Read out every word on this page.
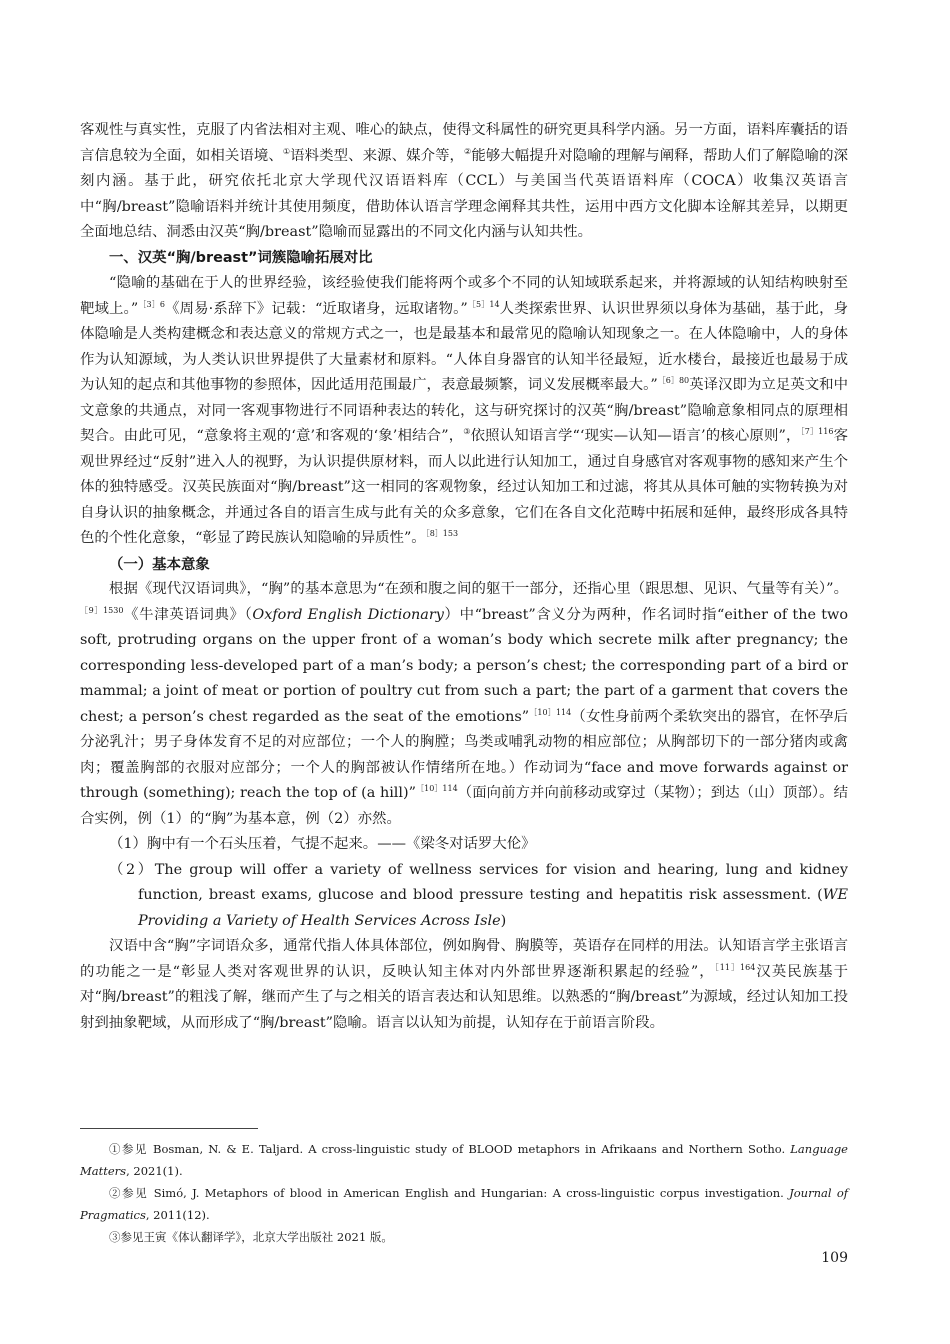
客观性与真实性，克服了内省法相对主观、唯心的缺点，使得文科属性的研究更具科学内涵。另一方面，语料库囊括的语言信息较为全面，如相关语境、①语料类型、来源、媒介等，②能够大幅提升对隐喻的理解与阐释，帮助人们了解隐喻的深刻内涵。基于此，研究依托北京大学现代汉语语料库（CCL）与美国当代英语语料库（COCA）收集汉英语言中“胸/breast”隐喻语料并统计其使用频度，借助体认语言学理念阐释其共性，运用中西方文化脚本诠解其差异，以期更全面地总结、洞悉由汉英“胸/breast”隐喻而显露出的不同文化内涵与认知共性。

一、汉英“胸/breast”词簇隐喻拓展对比

“隐喻的基础在于人的世界经验，该经验使我们能将两个或多个不同的认知域联系起来，并将源域的认知结构映射至靶域上。”$^{[3]6}$《周易·系辞下》记载：“近取诸身，远取诸物。”$^{[5]14}$人类探索世界、认识世界须以身体为基础，基于此，身体隐喻是人类构建概念和表达意义的常规方式之一，也是最基本和最常见的隐喻认知现象之一。在人体隐喻中，人的身体作为认知源域，为人类认识世界提供了大量素材和原料。“人体自身器官的认知半径最短，近水楼台，最接近也最易于成为认知的起点和其他事物的参照体，因此适用范围最广，表意最频繁，词义发展概率最大。”$^{[6]80}$英译汉即为立足英文和中文意象的共通点，对同一客观事物进行不同语种表达的转化，这与研究探讨的汉英“胸/breast”隐喻意象相同点的原理相契合。由此可见，“意象将主观的‘意’和客观的‘象’相结合”，③依照认知语言学“‘现实—认知—语言’的核心原则”，$^{[7]116}$客观世界经过“反射”进入人的视野，为认识提供原材料，而人以此进行认知加工，通过自身感官对客观事物的感知来产生个体的独特感受。汉英民族面对“胸/breast”这一相同的客观物象，经过认知加工和过滤，将其从具体可触的实物转换为对自身认识的抽象概念，并通过各自的语言生成与此有关的众多意象，它们在各自文化范畴中拓展和延伸，最终形成各具特色的个性化意象，“彰显了跨民族认知隐喻的异质性”。$^{[8]153}$

（一）基本意象

根据《现代汉语词典》，“胸”的基本意思为“在颈和腹之间的躯干一部分，还指心里（跟思想、见识、气量等有关）”。$^{[9]1530}$《牛津英语词典》（Oxford English Dictionary）中“breast”含义分为两种，作名词时指“either of the two soft, protruding organs on the upper front of a woman’s body which secrete milk after pregnancy; the corresponding less-developed part of a man’s body; a person’s chest; the corresponding part of a bird or mammal; a joint of meat or portion of poultry cut from such a part; the part of a garment that covers the chest; a person’s chest regarded as the seat of the emotions”$^{[10]114}$（女性身前两个柔软突出的器官，在怀孕后分泌乳汁；男子身体发育不足的对应部位；一个人的胸膛；鸟类或哺乳动物的相应部位；从胸部切下的一部分猪肉或禽肉；覆盖胸部的衣服对应部分；一个人的胸部被认作情绪所在地。）作动词为“face and move forwards against or through (something); reach the top of (a hill)”$^{[10]114}$（面向前方并向前移动或穿过（某物）；到达（山）顶部）。结合实例，例（1）的“胸”为基本意，例（2）亦然。

（1）胸中有一个石头压着，气提不起来。——《梁冬对话罗大伦》

（2）The group will offer a variety of wellness services for vision and hearing, lung and kidney function, breast exams, glucose and blood pressure testing and hepatitis risk assessment. (WE Providing a Variety of Health Services Across Isle)

汉语中含“胸”字词语众多，通常代指人体具体部位，例如胸骨、胸膜等，英语存在同样的用法。认知语言学主张语言的功能之一是“彰显人类对客观世界的认识，反映认知主体对内外部世界逐渐积累起的经验”，$^{[11]164}$汉英民族基于对“胸/breast”的粗浅了解，继而产生了与之相关的语言表达和认知思维。以熟悉的“胸/breast”为源域，经过认知加工投射到抽象靶域，从而形成了“胸/breast”隐喻。语言以认知为前提，认知存在于前语言阶段。

①参见 Bosman, N. & E. Taljard. A cross-linguistic study of BLOOD metaphors in Afrikaans and Northern Sotho. Language Matters, 2021(1).

②参见 Simó, J. Metaphors of blood in American English and Hungarian: A cross-linguistic corpus investigation. Journal of Pragmatics, 2011(12).

③参见王寅《体认翻译学》，北京大学出版社 2021 版。

109
